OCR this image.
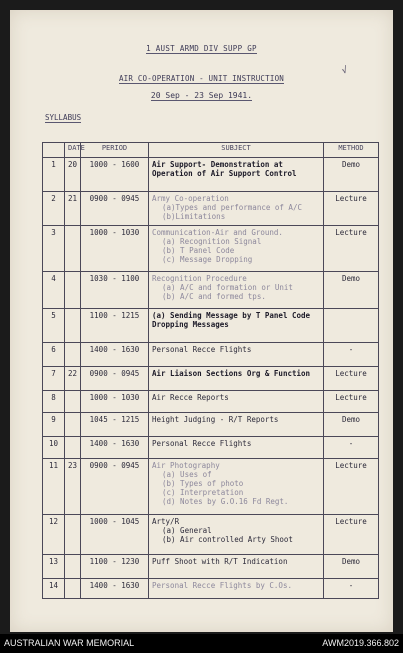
1 AUST ARMD DIV SUPP GP
AIR CO-OPERATION - UNIT INSTRUCTION
20 Sep - 23 Sep 1941.
√
SYLLABUS
	DATE	PERIOD	SUBJECT	METHOD
1	20	1000 - 1600	Air Support- Demonstration at
Operation of Air Support Control	Demo
2	21	0900 - 0945	Army Co-operation
(a)Types and performance of A/C
(b)Limitations	Lecture
3		1000 - 1030	Communication-Air and Ground.
(a) Recognition Signal
(b) T Panel Code
(c) Message Dropping	Lecture
4		1030 - 1100	Recognition Procedure
(a) A/C and formation or Unit
(b) A/C and formed tps.	Demo
5		1100 - 1215	(a) Sending Message by T Panel Code
Dropping Messages	

6		1400 - 1630	Personal Recce Flights	-
7	22	0900 - 0945	Air Liaison Sections Org & Function	Lecture
8		1000 - 1030	Air Recce Reports	Lecture
9		1045 - 1215	Height Judging - R/T Reports	Demo
10		1400 - 1630	Personal Recce Flights	-
11	23	0900 - 0945	Air Photography
(a) Uses of
(b) Types of photo
(c) Interpretation
(d) Notes by G.O.16 Fd Regt.	Lecture
12		1000 - 1045	Arty/R
(a) General
(b) Air controlled Arty Shoot	Lecture
13		1100 - 1230	Puff Shoot with R/T Indication	Demo
14		1400 - 1630	Personal Recce Flights by C.Os.	-
AUSTRALIAN WAR MEMORIAL	AWM2019.366.802
